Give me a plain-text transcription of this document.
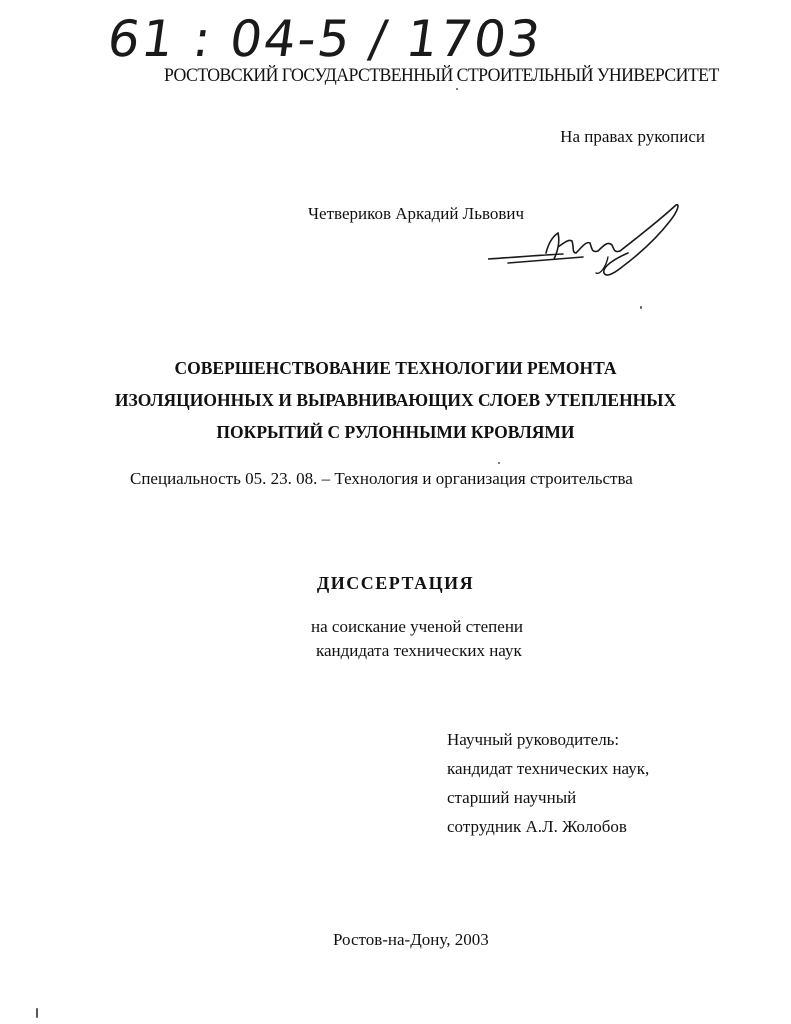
61 : 04-5 / 1703
РОСТОВСКИЙ ГОСУДАРСТВЕННЫЙ СТРОИТЕЛЬНЫЙ УНИВЕРСИТЕТ
На правах рукописи
Четвериков Аркадий Львович
СОВЕРШЕНСТВОВАНИЕ ТЕХНОЛОГИИ РЕМОНТА
ИЗОЛЯЦИОННЫХ И ВЫРАВНИВАЮЩИХ СЛОЕВ УТЕПЛЕННЫХ
ПОКРЫТИЙ С РУЛОННЫМИ КРОВЛЯМИ
Специальность 05. 23. 08. – Технология и организация строительства
ДИССЕРТАЦИЯ
на соискание ученой степени
кандидата технических наук
Научный руководитель:
кандидат технических наук,
старший научный
сотрудник А.Л. Жолобов
Ростов-на-Дону, 2003
